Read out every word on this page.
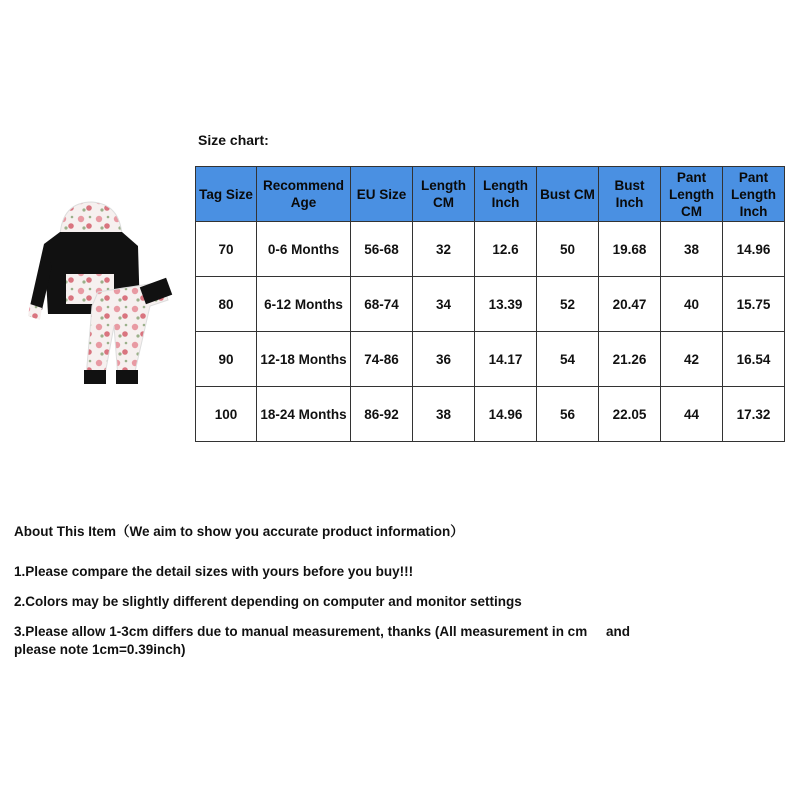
Size chart:
Tag Size	Recommend Age	EU Size	Length CM	Length Inch	Bust CM	Bust Inch	Pant Length CM	Pant Length Inch
70	0-6 Months	56-68	32	12.6	50	19.68	38	14.96
80	6-12 Months	68-74	34	13.39	52	20.47	40	15.75
90	12-18 Months	74-86	36	14.17	54	21.26	42	16.54
100	18-24 Months	86-92	38	14.96	56	22.05	44	17.32
About This Item（We aim to show you accurate product information）
1.Please compare the detail sizes with yours before you buy!!!
2.Colors may be slightly different depending on computer and monitor settings
3.Please allow 1-3cm differs due to manual measurement, thanks (All measurement in cm     and
please note 1cm=0.39inch)
